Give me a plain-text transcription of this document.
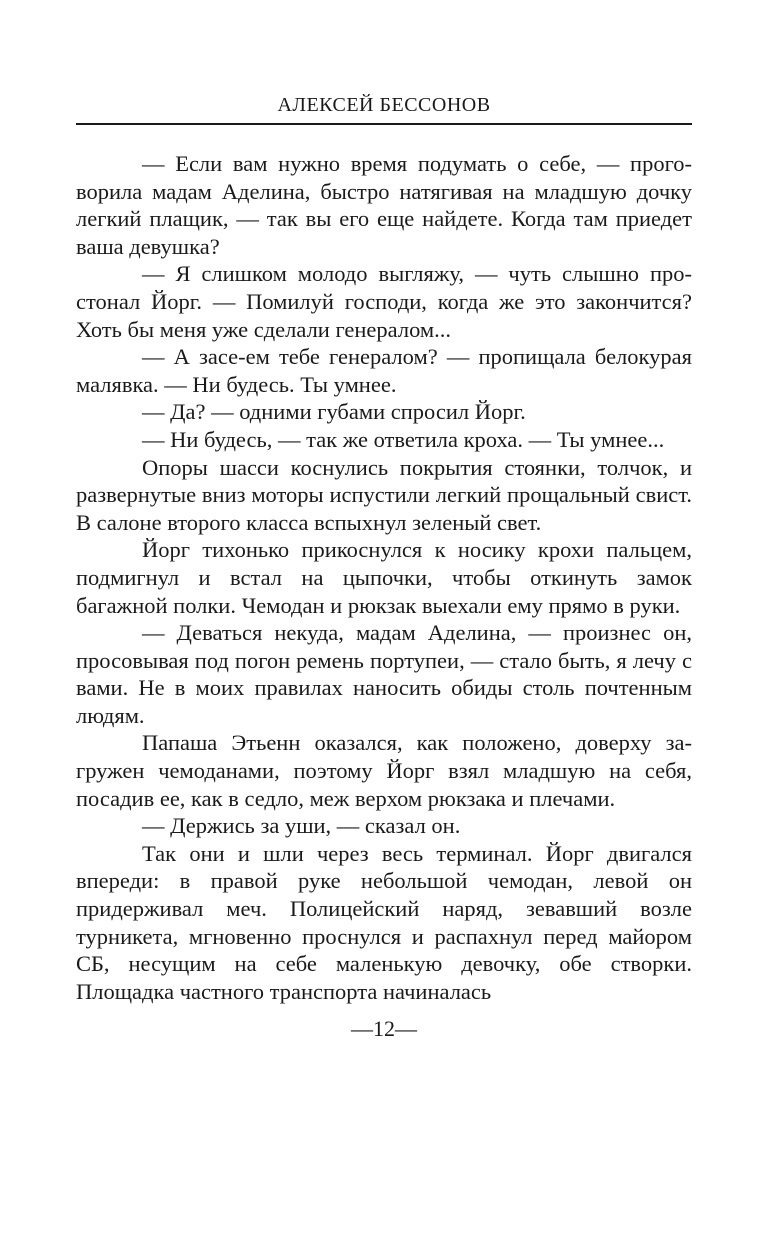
АЛЕКСЕЙ БЕССОНОВ

— Если вам нужно время подумать о себе, — проговорила мадам Аделина, быстро натягивая на младшую дочку легкий плащик, — так вы его еще найдете. Когда там приедет ваша девушка?

— Я слишком молодо выгляжу, — чуть слышно простонал Йорг. — Помилуй господи, когда же это закончится? Хоть бы меня уже сделали генералом...

— А засе-ем тебе генералом? — пропищала белокурая малявка. — Ни будесь. Ты умнее.

— Да? — одними губами спросил Йорг.

— Ни будесь, — так же ответила кроха. — Ты умнее...

Опоры шасси коснулись покрытия стоянки, толчок, и развернутые вниз моторы испустили легкий прощальный свист. В салоне второго класса вспыхнул зеленый свет.

Йорг тихонько прикоснулся к носику крохи пальцем, подмигнул и встал на цыпочки, чтобы откинуть замок багажной полки. Чемодан и рюкзак выехали ему прямо в руки.

— Деваться некуда, мадам Аделина, — произнес он, просовывая под погон ремень портупеи, — стало быть, я лечу с вами. Не в моих правилах наносить обиды столь почтенным людям.

Папаша Этьенн оказался, как положено, доверху загружен чемоданами, поэтому Йорг взял младшую на себя, посадив ее, как в седло, меж верхом рюкзака и плечами.

— Держись за уши, — сказал он.

Так они и шли через весь терминал. Йорг двигался впереди: в правой руке небольшой чемодан, левой он придерживал меч. Полицейский наряд, зевавший возле турникета, мгновенно проснулся и распахнул перед майором СБ, несущим на себе маленькую девочку, обе створки. Площадка частного транспорта начиналась

—12—
